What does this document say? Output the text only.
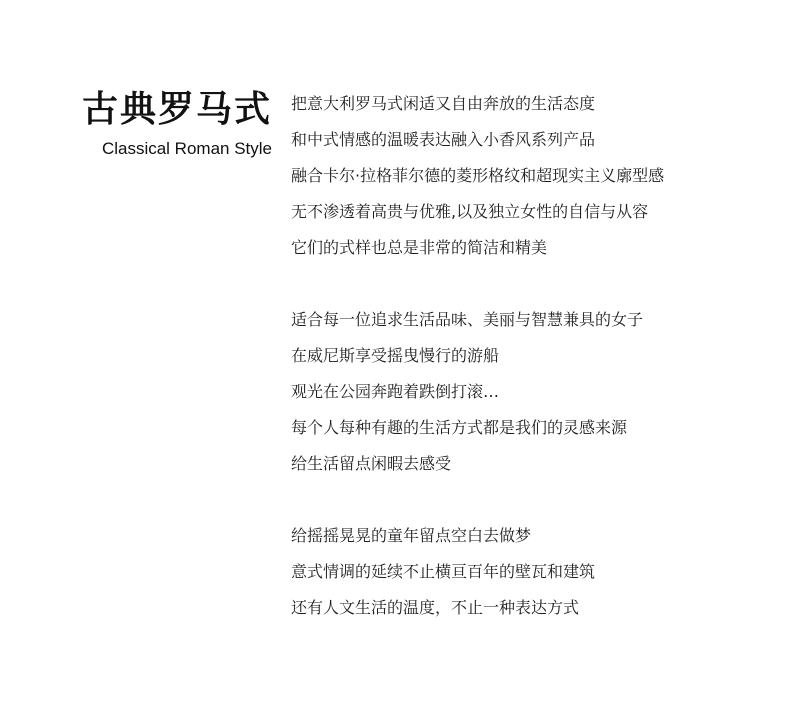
古典罗马式
Classical Roman Style
把意大利罗马式闲适又自由奔放的生活态度
和中式情感的温暖表达融入小香风系列产品
融合卡尔·拉格菲尔德的菱形格纹和超现实主义廓型感
无不渗透着高贵与优雅,以及独立女性的自信与从容
它们的式样也总是非常的简洁和精美
适合每一位追求生活品味、美丽与智慧兼具的女子
在威尼斯享受摇曳慢行的游船
观光在公园奔跑着跌倒打滚…
每个人每种有趣的生活方式都是我们的灵感来源
给生活留点闲暇去感受
给摇摇晃晃的童年留点空白去做梦
意式情调的延续不止横亘百年的壁瓦和建筑
还有人文生活的温度，不止一种表达方式
